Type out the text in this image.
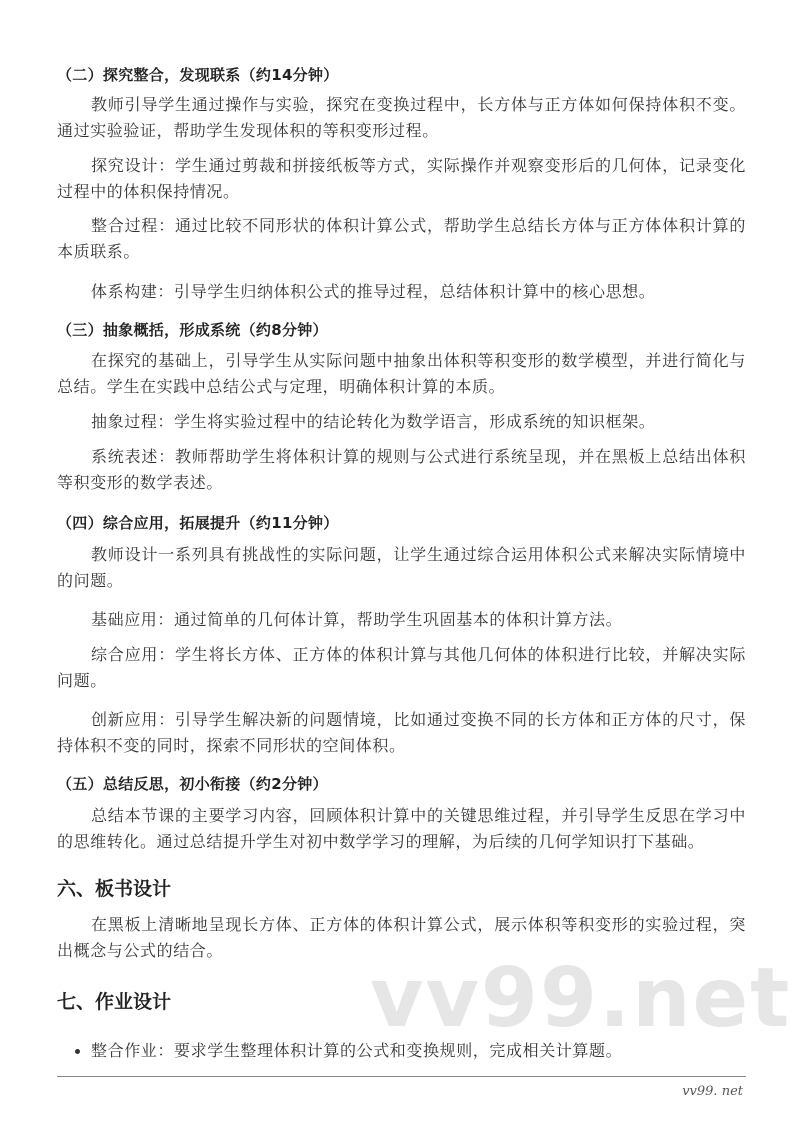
vv99.net
（二）探究整合，发现联系（约14分钟）
教师引导学生通过操作与实验，探究在变换过程中，长方体与正方体如何保持体积不变。通过实验验证，帮助学生发现体积的等积变形过程。
探究设计：学生通过剪裁和拼接纸板等方式，实际操作并观察变形后的几何体，记录变化过程中的体积保持情况。
整合过程：通过比较不同形状的体积计算公式，帮助学生总结长方体与正方体体积计算的本质联系。
体系构建：引导学生归纳体积公式的推导过程，总结体积计算中的核心思想。
（三）抽象概括，形成系统（约8分钟）
在探究的基础上，引导学生从实际问题中抽象出体积等积变形的数学模型，并进行简化与总结。学生在实践中总结公式与定理，明确体积计算的本质。
抽象过程：学生将实验过程中的结论转化为数学语言，形成系统的知识框架。
系统表述：教师帮助学生将体积计算的规则与公式进行系统呈现，并在黑板上总结出体积等积变形的数学表述。
（四）综合应用，拓展提升（约11分钟）
教师设计一系列具有挑战性的实际问题，让学生通过综合运用体积公式来解决实际情境中的问题。
基础应用：通过简单的几何体计算，帮助学生巩固基本的体积计算方法。
综合应用：学生将长方体、正方体的体积计算与其他几何体的体积进行比较，并解决实际问题。
创新应用：引导学生解决新的问题情境，比如通过变换不同的长方体和正方体的尺寸，保持体积不变的同时，探索不同形状的空间体积。
（五）总结反思，初小衔接（约2分钟）
总结本节课的主要学习内容，回顾体积计算中的关键思维过程，并引导学生反思在学习中的思维转化。通过总结提升学生对初中数学学习的理解，为后续的几何学知识打下基础。
六、板书设计
在黑板上清晰地呈现长方体、正方体的体积计算公式，展示体积等积变形的实验过程，突出概念与公式的结合。
七、作业设计
整合作业：要求学生整理体积计算的公式和变换规则，完成相关计算题。
vv99. net
